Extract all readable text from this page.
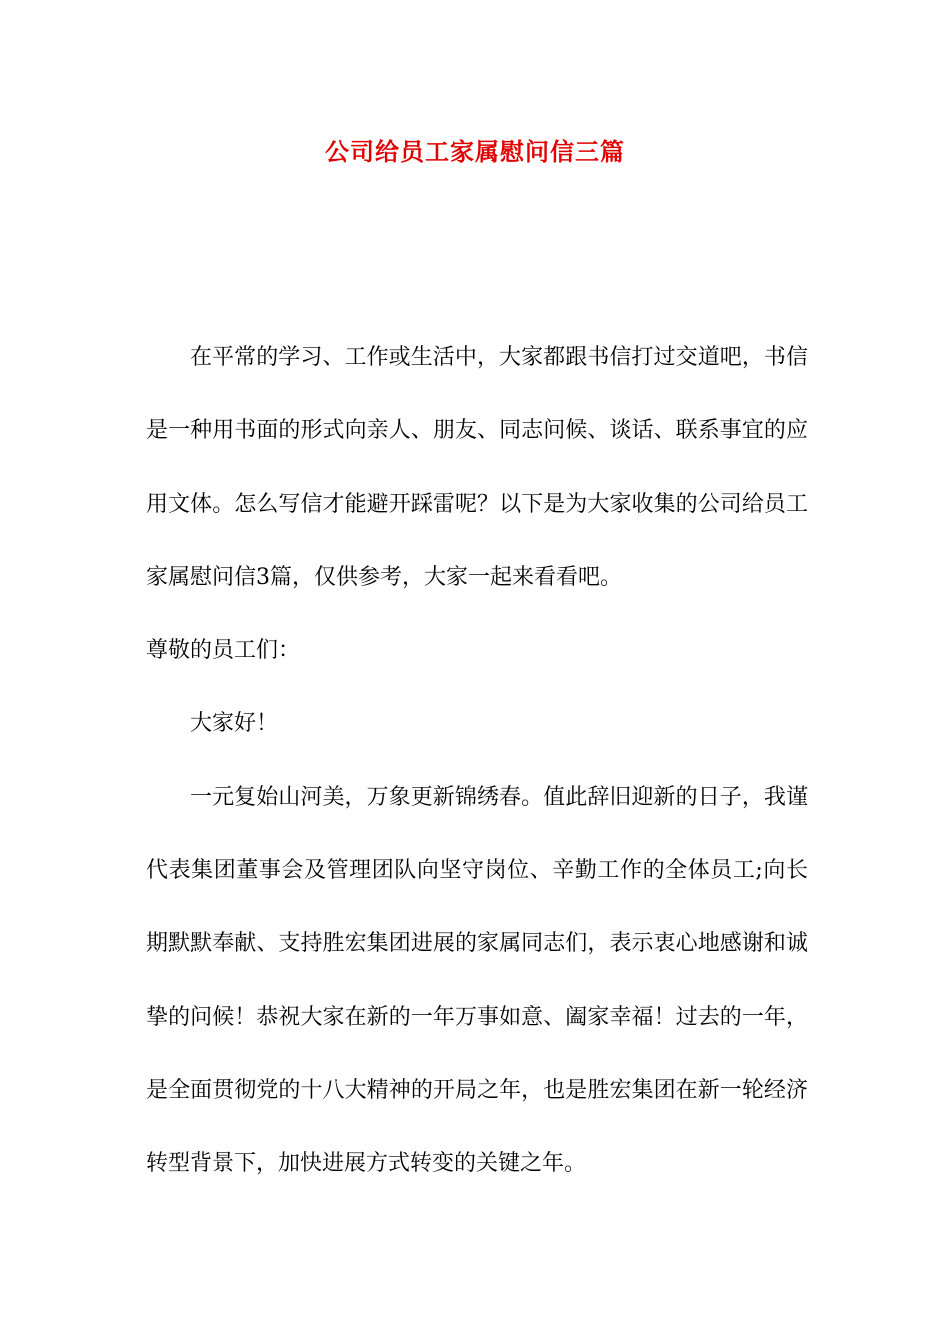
公司给员工家属慰问信三篇

在平常的学习、工作或生活中，大家都跟书信打过交道吧，书信是一种用书面的形式向亲人、朋友、同志问候、谈话、联系事宜的应用文体。怎么写信才能避开踩雷呢？以下是为大家收集的公司给员工家属慰问信3篇，仅供参考，大家一起来看看吧。

尊敬的员工们：

大家好！

一元复始山河美，万象更新锦绣春。值此辞旧迎新的日子，我谨代表集团董事会及管理团队向坚守岗位、辛勤工作的全体员工;向长期默默奉献、支持胜宏集团进展的家属同志们，表示衷心地感谢和诚挚的问候！恭祝大家在新的一年万事如意、阖家幸福！过去的一年，是全面贯彻党的十八大精神的开局之年，也是胜宏集团在新一轮经济转型背景下，加快进展方式转变的关键之年。
